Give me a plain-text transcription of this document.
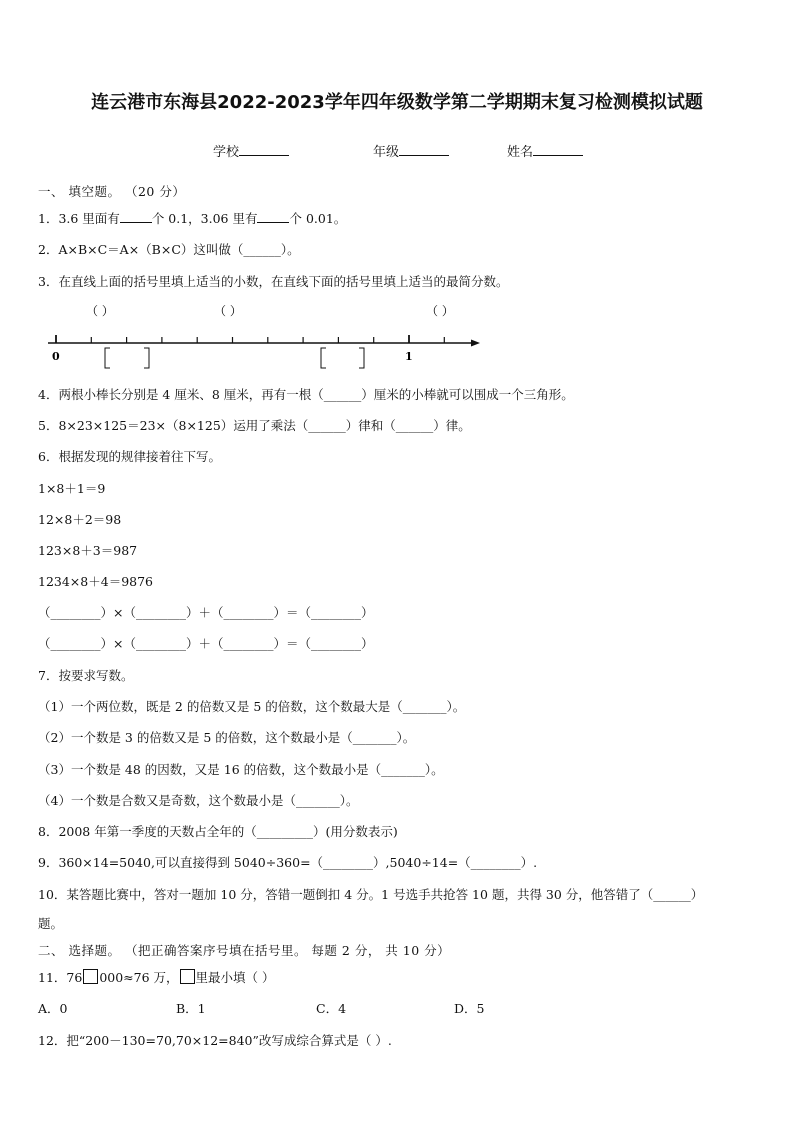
连云港市东海县2022-2023学年四年级数学第二学期期末复习检测模拟试题
学校	年级	姓名
一、 填空题。 （20 分）
1．3.6 里面有	个 0.1，3.06 里有	个 0.01。
2．A×B×C＝A×（B×C）这叫做（______）。
3．在直线上面的括号里填上适当的小数，在直线下面的括号里填上适当的最简分数。
（ ）	（ ）	（ ）
0	1
4．两根小棒长分别是 4 厘米、8 厘米，再有一根（______）厘米的小棒就可以围成一个三角形。
5．8×23×125＝23×（8×125）运用了乘法（______）律和（______）律。
6．根据发现的规律接着往下写。
1×8＋1＝9
12×8＋2＝98
123×8＋3＝987
1234×8＋4＝9876
（________）×（________）＋（________）＝（________）
（________）×（________）＋（________）＝（________）
7．按要求写数。
（1）一个两位数，既是 2 的倍数又是 5 的倍数，这个数最大是（_______）。
（2）一个数是 3 的倍数又是 5 的倍数，这个数最小是（_______）。
（3）一个数是 48 的因数，又是 16 的倍数，这个数最小是（_______）。
（4）一个数是合数又是奇数，这个数最小是（_______）。
8．2008 年第一季度的天数占全年的（_________）(用分数表示)
9．360×14=5040,可以直接得到 5040÷360=（________）,5040÷14=（________）.
10．某答题比赛中，答对一题加 10 分，答错一题倒扣 4 分。1 号选手共抢答 10 题，共得 30 分，他答错了（______）
题。
二、 选择题。 （把正确答案序号填在括号里。 每题 2 分， 共 10 分）
11．76 000≈76 万， 里最小填（ ）
A．0	B．1	C．4	D．5
12．把“200－130=70,70×12=840”改写成综合算式是（ ）.
